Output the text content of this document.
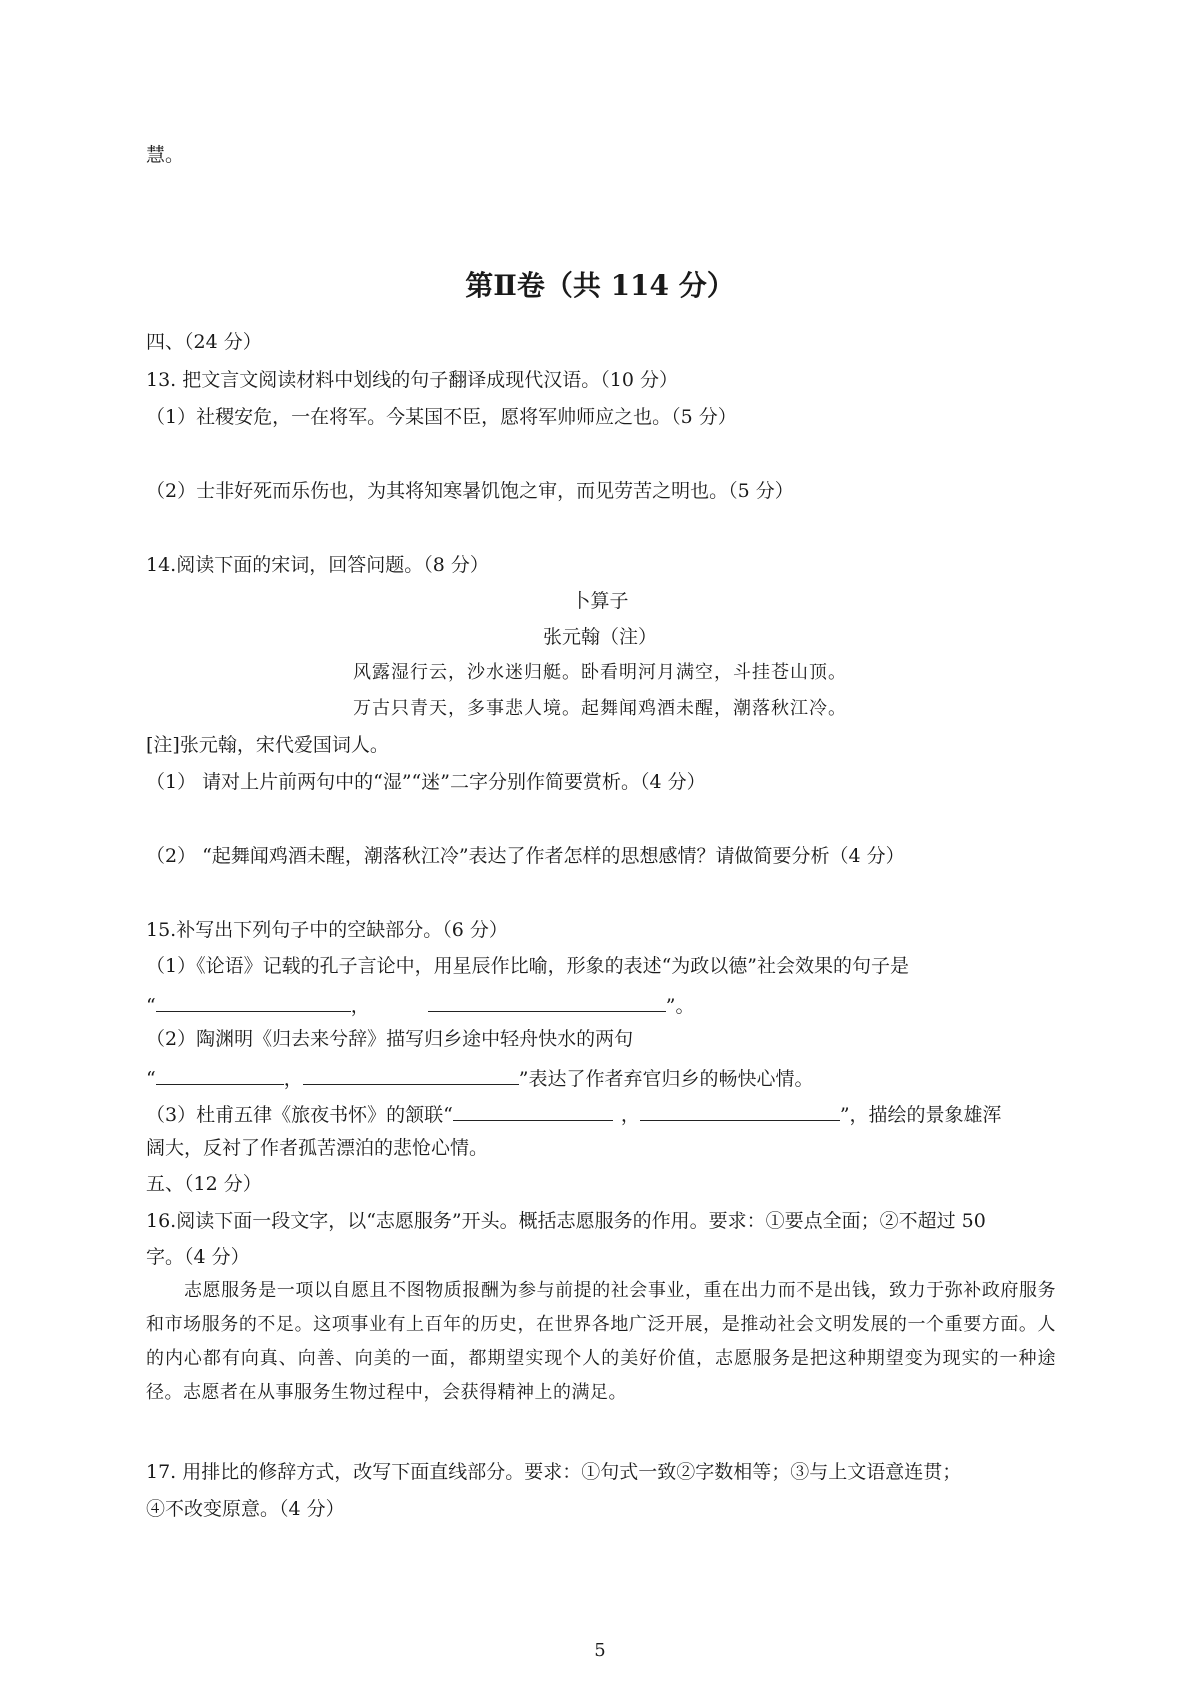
慧。
第Ⅱ卷（共 114 分）
四、（24 分）
13. 把文言文阅读材料中划线的句子翻译成现代汉语。（10 分）
（1）社稷安危，一在将军。今某国不臣，愿将军帅师应之也。（5 分）
（2）士非好死而乐伤也，为其将知寒暑饥饱之审，而见劳苦之明也。（5 分）
14.阅读下面的宋词，回答问题。（8 分）
卜算子
张元翰（注）
风露湿行云，沙水迷归艇。卧看明河月满空，斗挂苍山顶。
万古只青天，多事悲人境。起舞闻鸡酒未醒，潮落秋江冷。
[注]张元翰，宋代爱国词人。
（1） 请对上片前两句中的“湿”“迷”二字分别作简要赏析。（4 分）
（2） “起舞闻鸡酒未醒，潮落秋江冷”表达了作者怎样的思想感情？请做简要分析（4 分）
15.补写出下列句子中的空缺部分。（6 分）
（1）《论语》记载的孔子言论中，用星辰作比喻，形象的表述“为政以德”社会效果的句子是
“	，	”。
（2）陶渊明《归去来兮辞》描写归乡途中轻舟快水的两句
“	，	”表达了作者弃官归乡的畅快心情。
（3）杜甫五律《旅夜书怀》的颔联“	，	”，描绘的景象雄浑
阔大，反衬了作者孤苦漂泊的悲怆心情。
五、（12 分）
16.阅读下面一段文字，以“志愿服务”开头。概括志愿服务的作用。要求：①要点全面；②不超过 50
字。（4 分）
志愿服务是一项以自愿且不图物质报酬为参与前提的社会事业，重在出力而不是出钱，致力于弥补政府服务和市场服务的不足。这项事业有上百年的历史，在世界各地广泛开展，是推动社会文明发展的一个重要方面。人的内心都有向真、向善、向美的一面，都期望实现个人的美好价值，志愿服务是把这种期望变为现实的一种途径。志愿者在从事服务生物过程中，会获得精神上的满足。
17. 用排比的修辞方式，改写下面直线部分。要求：①句式一致②字数相等；③与上文语意连贯；
④不改变原意。（4 分）
5
